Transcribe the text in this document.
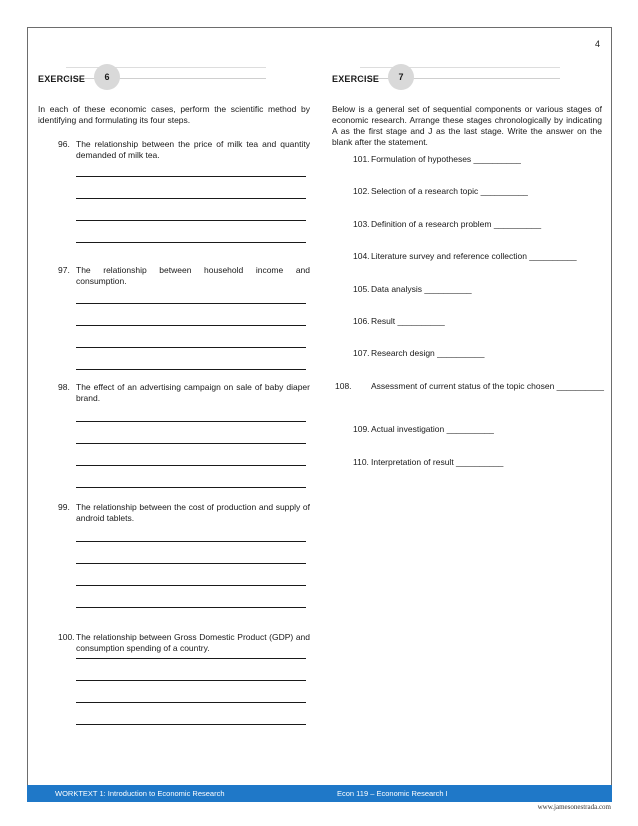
4
EXERCISE	6

In each of these economic cases, perform the scientific method by identifying and formulating its four steps.

96. The relationship between the price of milk tea and quantity demanded of milk tea.
97. The relationship between household income and consumption.
98. The effect of an advertising campaign on sale of baby diaper brand.
99. The relationship between the cost of production and supply of android tablets.
100. The relationship between Gross Domestic Product (GDP) and consumption spending of a country.
EXERCISE	7

Below is a general set of sequential components or various stages of economic research. Arrange these stages chronologically by indicating A as the first stage and J as the last stage. Write the answer on the blank after the statement.

101.Formulation of hypotheses __________
102.Selection of a research topic __________
103.Definition of a research problem __________
104.Literature survey and reference collection __________
105.Data analysis __________
106.Result __________
107.Research design __________
108. Assessment of current status of the topic chosen __________
109.Actual investigation __________
110. Interpretation of result __________
WORKTEXT 1: Introduction to Economic Research	Econ 119 – Economic Research I
www.jamesonestrada.com
